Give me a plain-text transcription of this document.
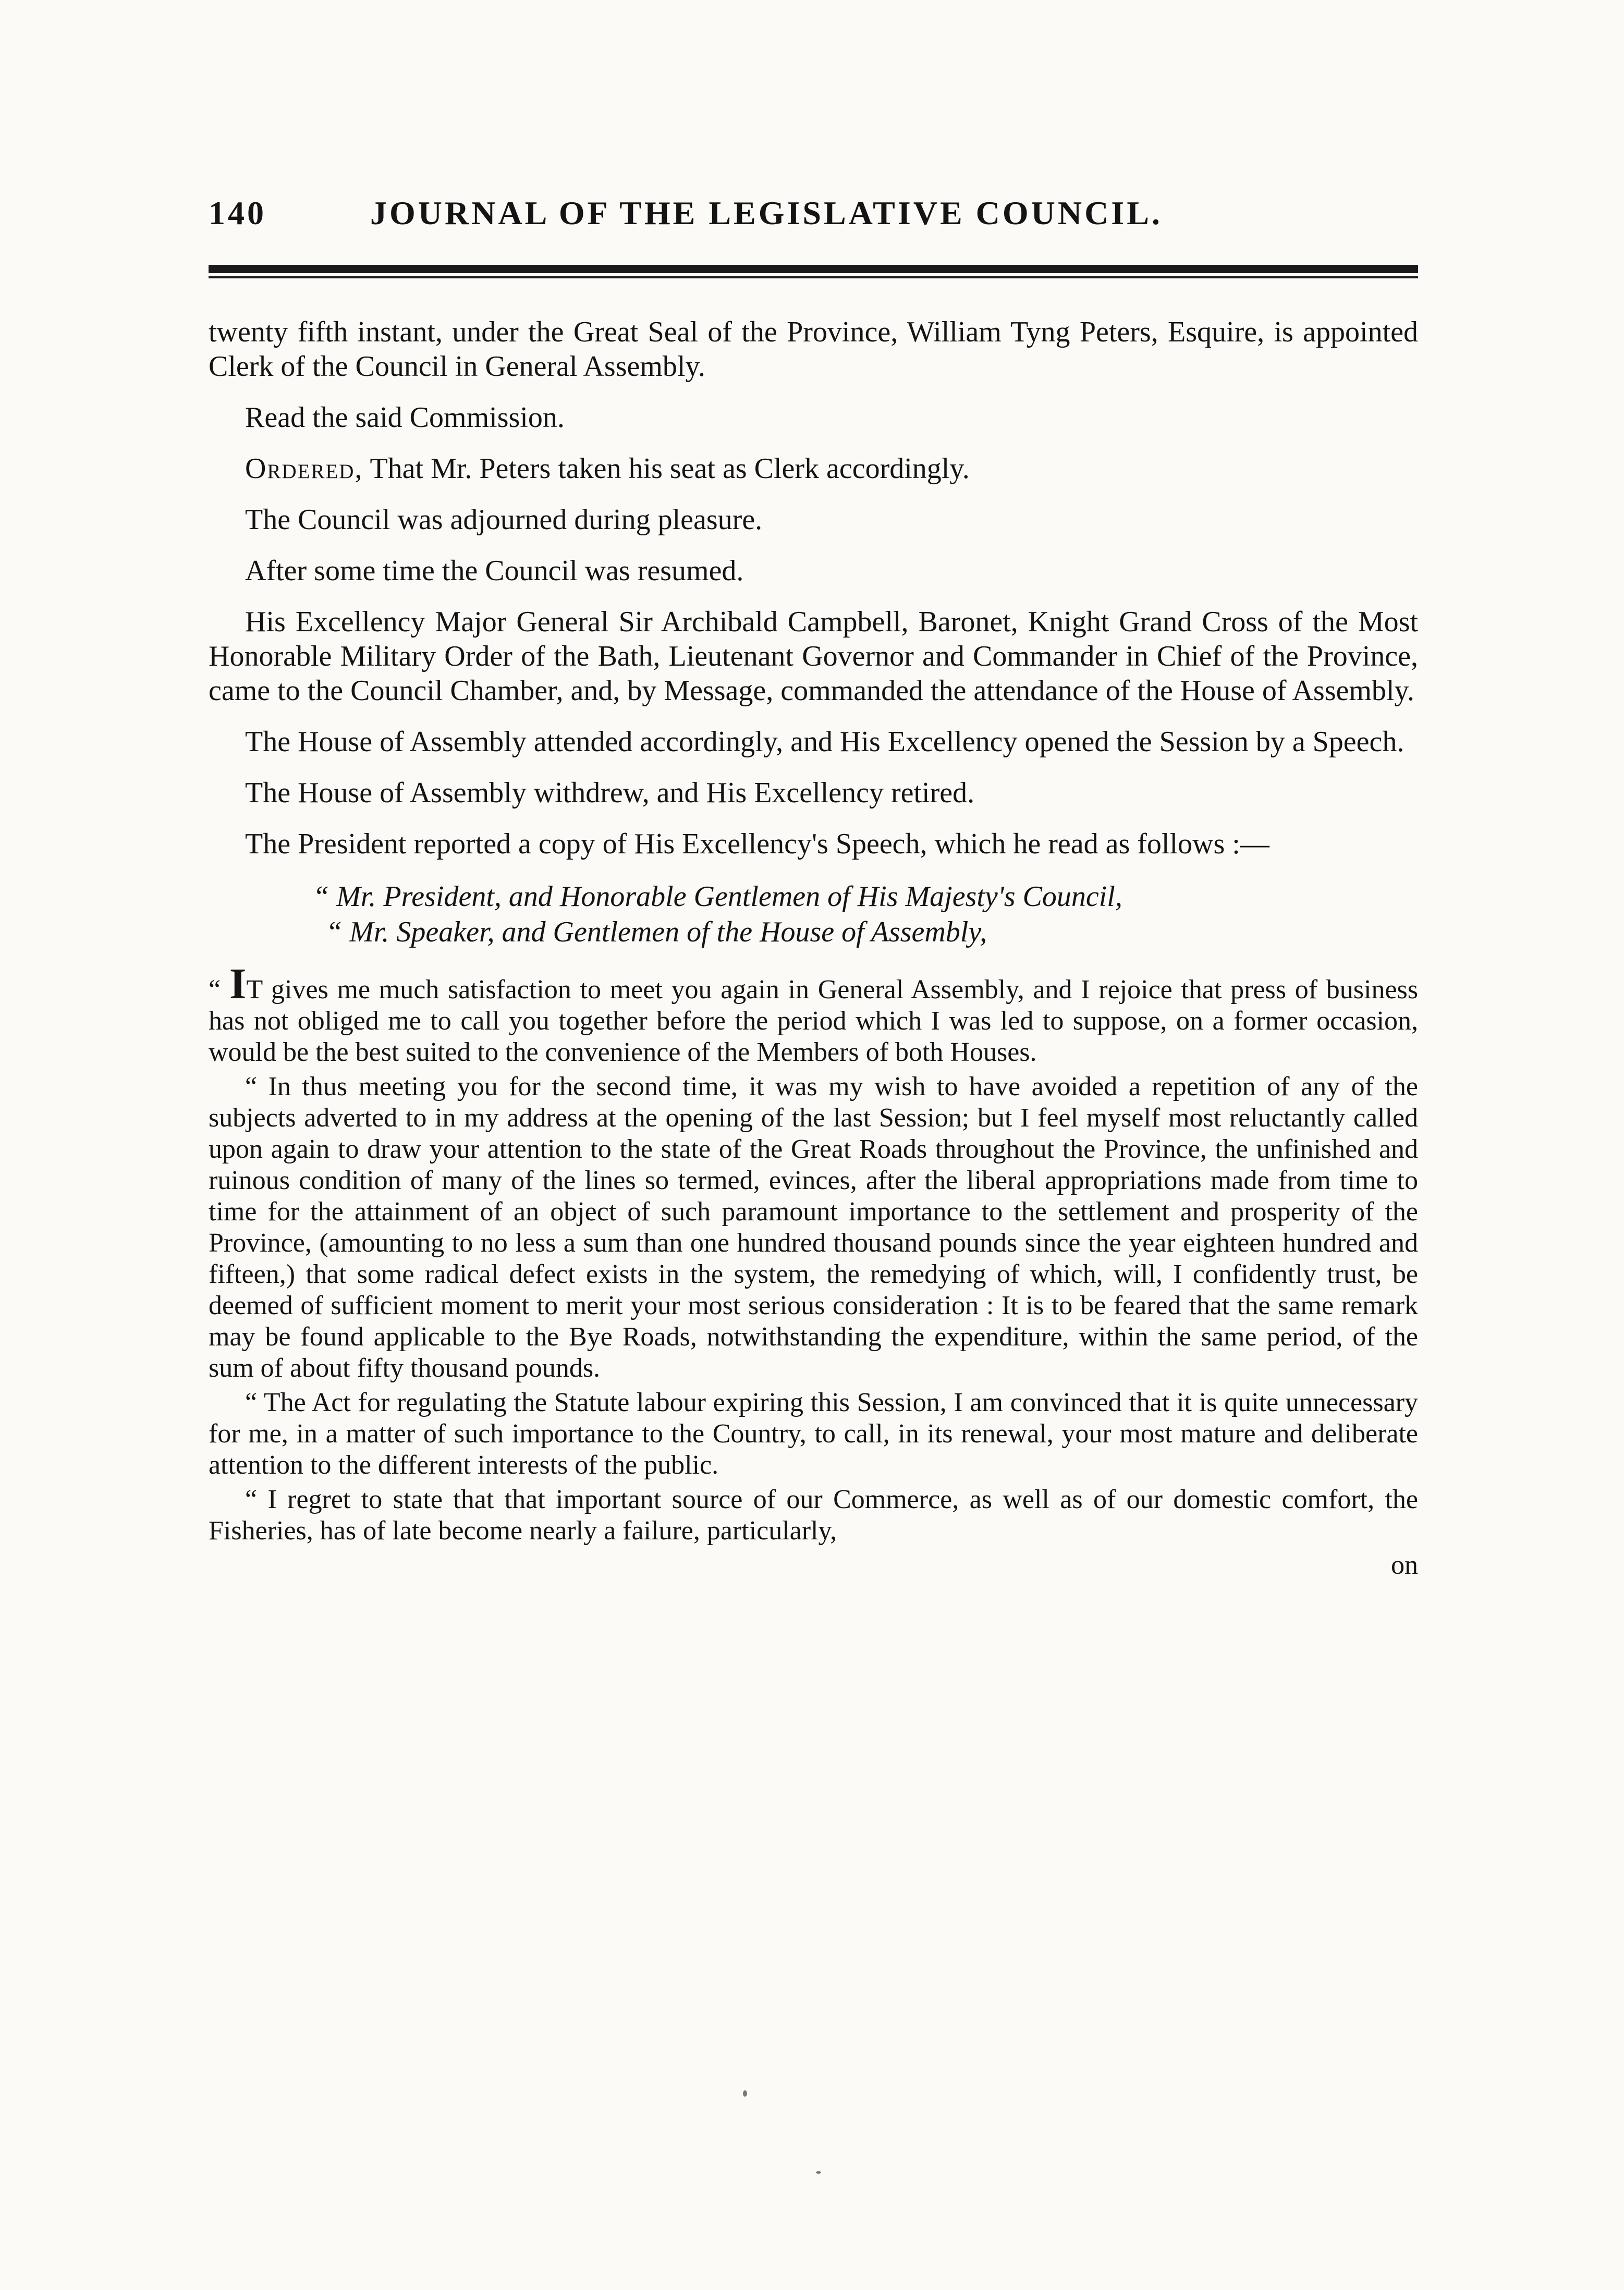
140	JOURNAL OF THE LEGISLATIVE COUNCIL.

twenty fifth instant, under the Great Seal of the Province, William Tyng Peters, Esquire, is appointed Clerk of the Council in General Assembly.

Read the said Commission.

Ordered, That Mr. Peters taken his seat as Clerk accordingly.

The Council was adjourned during pleasure.

After some time the Council was resumed.

His Excellency Major General Sir Archibald Campbell, Baronet, Knight Grand Cross of the Most Honorable Military Order of the Bath, Lieutenant Governor and Commander in Chief of the Province, came to the Council Chamber, and, by Message, commanded the attendance of the House of Assembly.

The House of Assembly attended accordingly, and His Excellency opened the Session by a Speech.

The House of Assembly withdrew, and His Excellency retired.

The President reported a copy of His Excellency's Speech, which he read as follows :—

“ Mr. President, and Honorable Gentlemen of His Majesty's Council,
“ Mr. Speaker, and Gentlemen of the House of Assembly,

“ IT gives me much satisfaction to meet you again in General Assembly, and I rejoice that press of business has not obliged me to call you together before the period which I was led to suppose, on a former occasion, would be the best suited to the convenience of the Members of both Houses.

“ In thus meeting you for the second time, it was my wish to have avoided a repetition of any of the subjects adverted to in my address at the opening of the last Session; but I feel myself most reluctantly called upon again to draw your attention to the state of the Great Roads throughout the Province, the unfinished and ruinous condition of many of the lines so termed, evinces, after the liberal appropriations made from time to time for the attainment of an object of such paramount importance to the settlement and prosperity of the Province, (amounting to no less a sum than one hundred thousand pounds since the year eighteen hundred and fifteen,) that some radical defect exists in the system, the remedying of which, will, I confidently trust, be deemed of sufficient moment to merit your most serious consideration : It is to be feared that the same remark may be found applicable to the Bye Roads, notwithstanding the expenditure, within the same period, of the sum of about fifty thousand pounds.

“ The Act for regulating the Statute labour expiring this Session, I am convinced that it is quite unnecessary for me, in a matter of such importance to the Country, to call, in its renewal, your most mature and deliberate attention to the different interests of the public.

“ I regret to state that that important source of our Commerce, as well as of our domestic comfort, the Fisheries, has of late become nearly a failure, particularly,

on
